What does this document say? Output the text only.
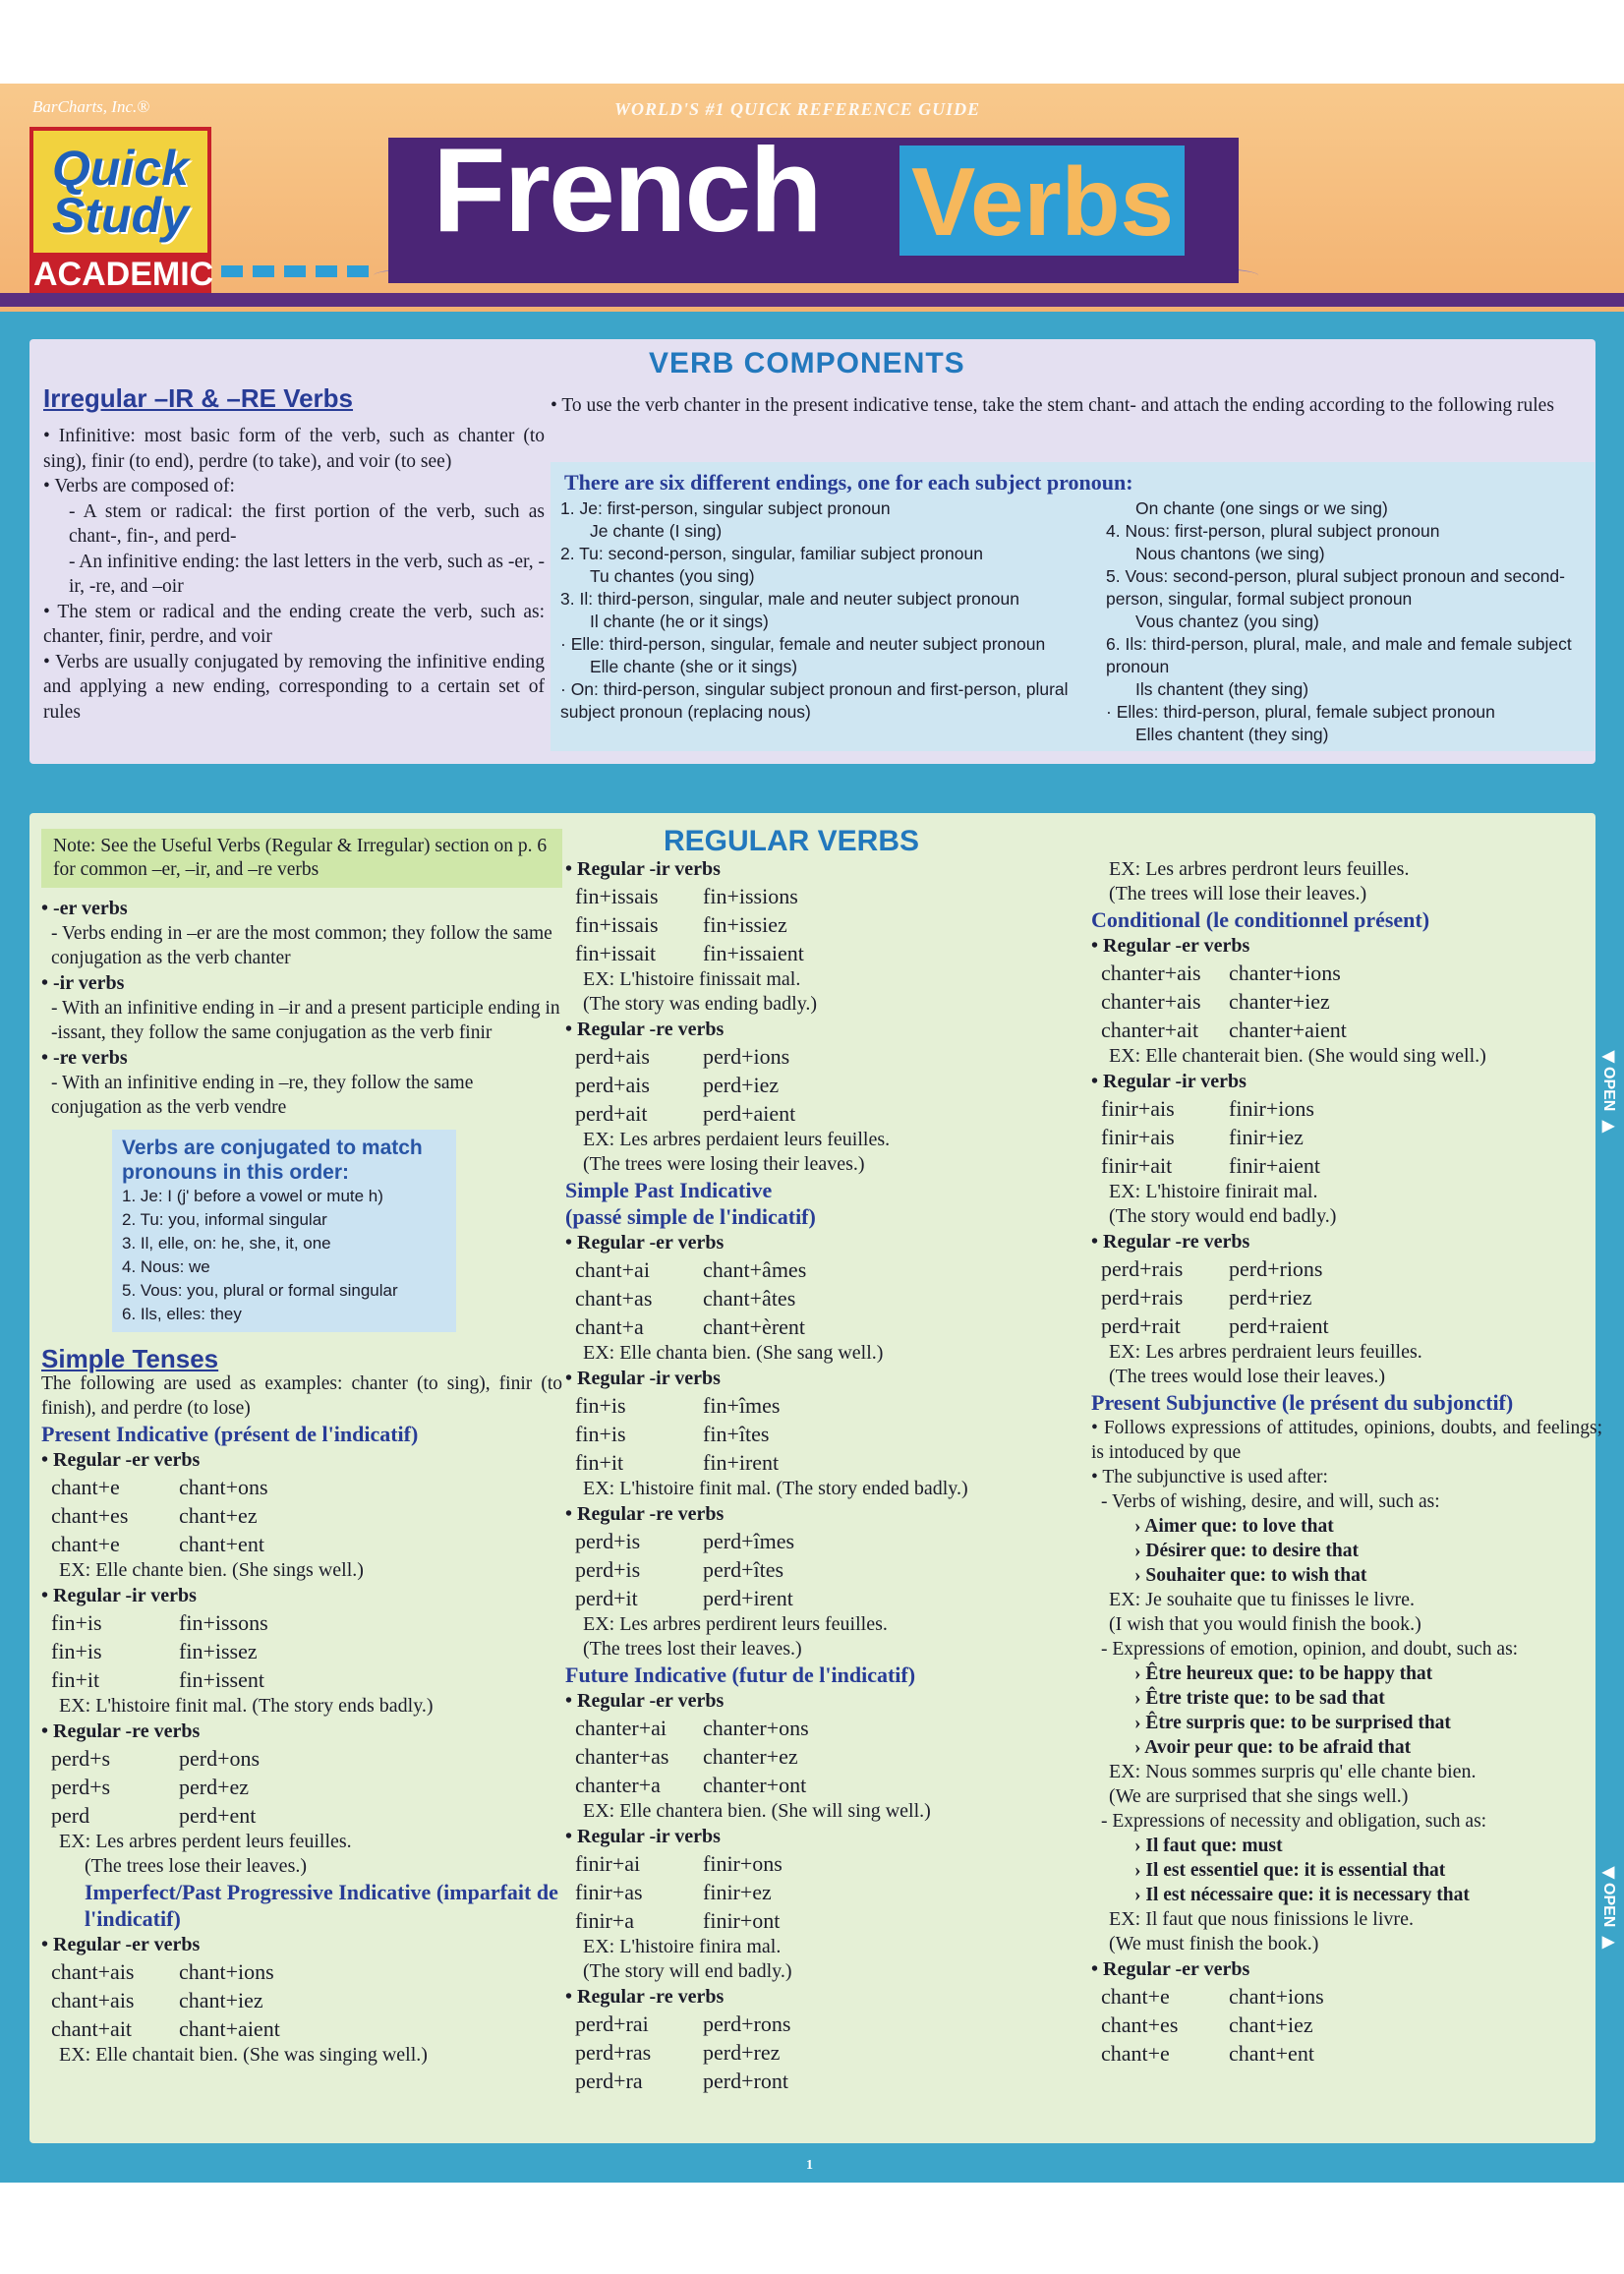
BarCharts, Inc.®	WORLD'S #1 QUICK REFERENCE GUIDE
French Verbs
Quick
Study
ACADEMIC
VERB COMPONENTS
Irregular –IR & –RE Verbs
• Infinitive: most basic form of the verb, such as chanter (to sing), finir (to end), perdre (to take), and voir (to see)
• Verbs are composed of:
- A stem or radical: the first portion of the verb, such as chant-, fin-, and perd-
- An infinitive ending: the last letters in the verb, such as -er, -ir, -re, and –oir
• The stem or radical and the ending create the verb, such as: chanter, finir, perdre, and voir
• Verbs are usually conjugated by removing the infinitive ending and applying a new ending, corresponding to a certain set of rules
• To use the verb chanter in the present indicative tense, take the stem chant- and attach the ending according to the following rules
There are six different endings, one for each subject pronoun:
1. Je: first-person, singular subject pronoun
Je chante (I sing)
2. Tu: second-person, singular, familiar subject pronoun
Tu chantes (you sing)
3. Il: third-person, singular, male and neuter subject pronoun
Il chante (he or it sings)
· Elle: third-person, singular, female and neuter subject pronoun
Elle chante (she or it sings)
· On: third-person, singular subject pronoun and first-person, plural subject pronoun (replacing nous)
On chante (one sings or we sing)
4. Nous: first-person, plural subject pronoun
Nous chantons (we sing)
5. Vous: second-person, plural subject pronoun and second-person, singular, formal subject pronoun
Vous chantez (you sing)
6. Ils: third-person, plural, male, and male and female subject pronoun
Ils chantent (they sing)
· Elles: third-person, plural, female subject pronoun
Elles chantent (they sing)
Note: See the Useful Verbs (Regular & Irregular) section on p. 6 for common –er, –ir, and –re verbs
• -er verbs
- Verbs ending in –er are the most common; they follow the same conjugation as the verb chanter
• -ir verbs
- With an infinitive ending in –ir and a present participle ending in -issant, they follow the same conjugation as the verb finir
• -re verbs
- With an infinitive ending in –re, they follow the same conjugation as the verb vendre
Verbs are conjugated to match pronouns in this order:
1. Je: I (j' before a vowel or mute h)
2. Tu: you, informal singular
3. Il, elle, on: he, she, it, one
4. Nous: we
5. Vous: you, plural or formal singular
6. Ils, elles: they
Simple Tenses
The following are used as examples: chanter (to sing), finir (to finish), and perdre (to lose)
Present Indicative (présent de l'indicatif)
• Regular -er verbs
chant+e	chant+ons
chant+es	chant+ez
chant+e	chant+ent
EX: Elle chante bien. (She sings well.)
• Regular -ir verbs
fin+is	fin+issons
fin+is	fin+issez
fin+it	fin+issent
EX: L'histoire finit mal. (The story ends badly.)
• Regular -re verbs
perd+s	perd+ons
perd+s	perd+ez
perd	perd+ent
EX: Les arbres perdent leurs feuilles.
(The trees lose their leaves.)
Imperfect/Past Progressive Indicative (imparfait de l'indicatif)
• Regular -er verbs
chant+ais	chant+ions
chant+ais	chant+iez
chant+ait	chant+aient
EX: Elle chantait bien. (She was singing well.)
REGULAR VERBS
• Regular -ir verbs
fin+issais	fin+issions
fin+issais	fin+issiez
fin+issait	fin+issaient
EX: L'histoire finissait mal.
(The story was ending badly.)
• Regular -re verbs
perd+ais	perd+ions
perd+ais	perd+iez
perd+ait	perd+aient
EX: Les arbres perdaient leurs feuilles.
(The trees were losing their leaves.)
Simple Past Indicative
(passé simple de l'indicatif)
• Regular -er verbs
chant+ai	chant+âmes
chant+as	chant+âtes
chant+a	chant+èrent
EX: Elle chanta bien. (She sang well.)
• Regular -ir verbs
fin+is	fin+îmes
fin+is	fin+îtes
fin+it	fin+irent
EX: L'histoire finit mal. (The story ended badly.)
• Regular -re verbs
perd+is	perd+îmes
perd+is	perd+îtes
perd+it	perd+irent
EX: Les arbres perdirent leurs feuilles.
(The trees lost their leaves.)
Future Indicative (futur de l'indicatif)
• Regular -er verbs
chanter+ai	chanter+ons
chanter+as	chanter+ez
chanter+a	chanter+ont
EX: Elle chantera bien. (She will sing well.)
• Regular -ir verbs
finir+ai	finir+ons
finir+as	finir+ez
finir+a	finir+ont
EX: L'histoire finira mal.
(The story will end badly.)
• Regular -re verbs
perd+rai	perd+rons
perd+ras	perd+rez
perd+ra	perd+ront
EX: Les arbres perdront leurs feuilles.
(The trees will lose their leaves.)
Conditional (le conditionnel présent)
• Regular -er verbs
chanter+ais	chanter+ions
chanter+ais	chanter+iez
chanter+ait	chanter+aient
EX: Elle chanterait bien. (She would sing well.)
• Regular -ir verbs
finir+ais	finir+ions
finir+ais	finir+iez
finir+ait	finir+aient
EX: L'histoire finirait mal.
(The story would end badly.)
• Regular -re verbs
perd+rais	perd+rions
perd+rais	perd+riez
perd+rait	perd+raient
EX: Les arbres perdraient leurs feuilles.
(The trees would lose their leaves.)
Present Subjunctive (le présent du subjonctif)
• Follows expressions of attitudes, opinions, doubts, and feelings; is intoduced by que
• The subjunctive is used after:
- Verbs of wishing, desire, and will, such as:
› Aimer que: to love that
› Désirer que: to desire that
› Souhaiter que: to wish that
EX: Je souhaite que tu finisses le livre.
(I wish that you would finish the book.)
- Expressions of emotion, opinion, and doubt, such as:
› Être heureux que: to be happy that
› Être triste que: to be sad that
› Être surpris que: to be surprised that
› Avoir peur que: to be afraid that
EX: Nous sommes surpris qu' elle chante bien.
(We are surprised that she sings well.)
- Expressions of necessity and obligation, such as:
› Il faut que: must
› Il est essentiel que: it is essential that
› Il est nécessaire que: it is necessary that
EX: Il faut que nous finissions le livre.
(We must finish the book.)
• Regular -er verbs
chant+e	chant+ions
chant+es	chant+iez
chant+e	chant+ent
◀
OPEN
▶
◀
OPEN
▶
1
